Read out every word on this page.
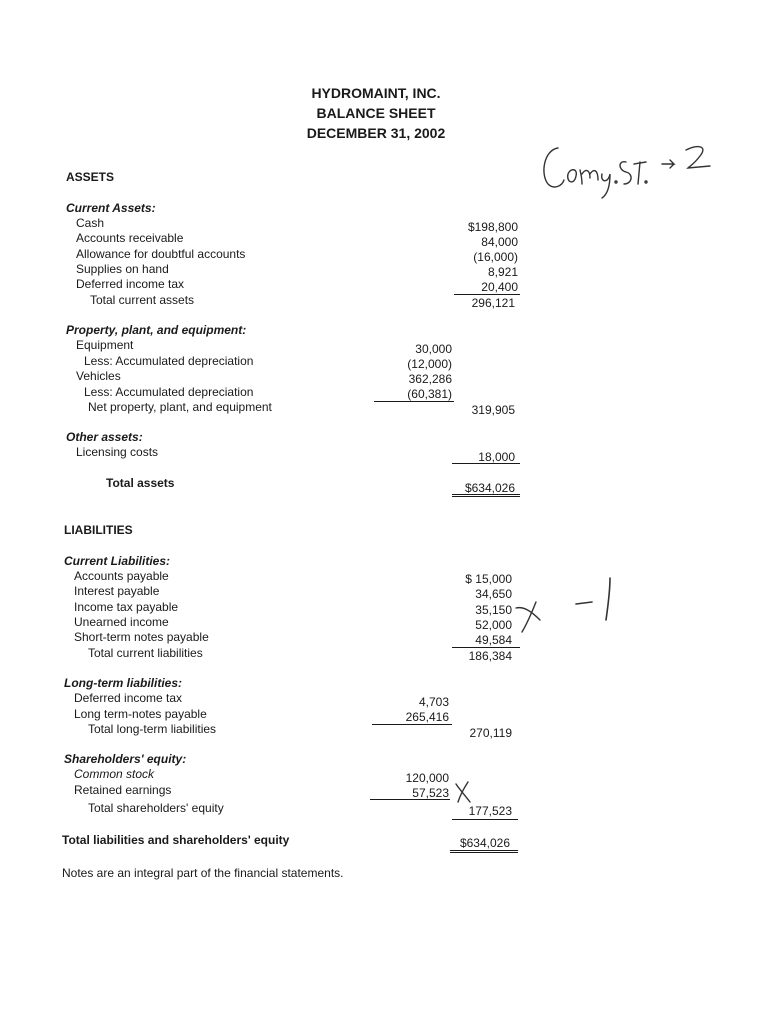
HYDROMAINT, INC.
BALANCE SHEET
DECEMBER 31, 2002
ASSETS
Current Assets:
Cash	$198,800
Accounts receivable	84,000
Allowance for doubtful accounts	(16,000)
Supplies on hand	8,921
Deferred income tax	20,400
Total current assets	296,121
Property, plant, and equipment:
Equipment	30,000
Less: Accumulated depreciation	(12,000)
Vehicles	362,286
Less: Accumulated depreciation	(60,381)
Net property, plant, and equipment	319,905
Other assets:
Licensing costs	18,000
Total assets	$634,026
LIABILITIES
Current Liabilities:
Accounts payable	$ 15,000
Interest payable	34,650
Income tax payable	35,150
Unearned income	52,000
Short-term notes payable	49,584
Total current liabilities	186,384
Long-term liabilities:
Deferred income tax	4,703
Long term-notes payable	265,416
Total long-term liabilities	270,119
Shareholders' equity:
Common stock	120,000
Retained earnings	57,523
Total shareholders' equity	177,523
Total liabilities and shareholders' equity	$634,026
Notes are an integral part of the financial statements.
